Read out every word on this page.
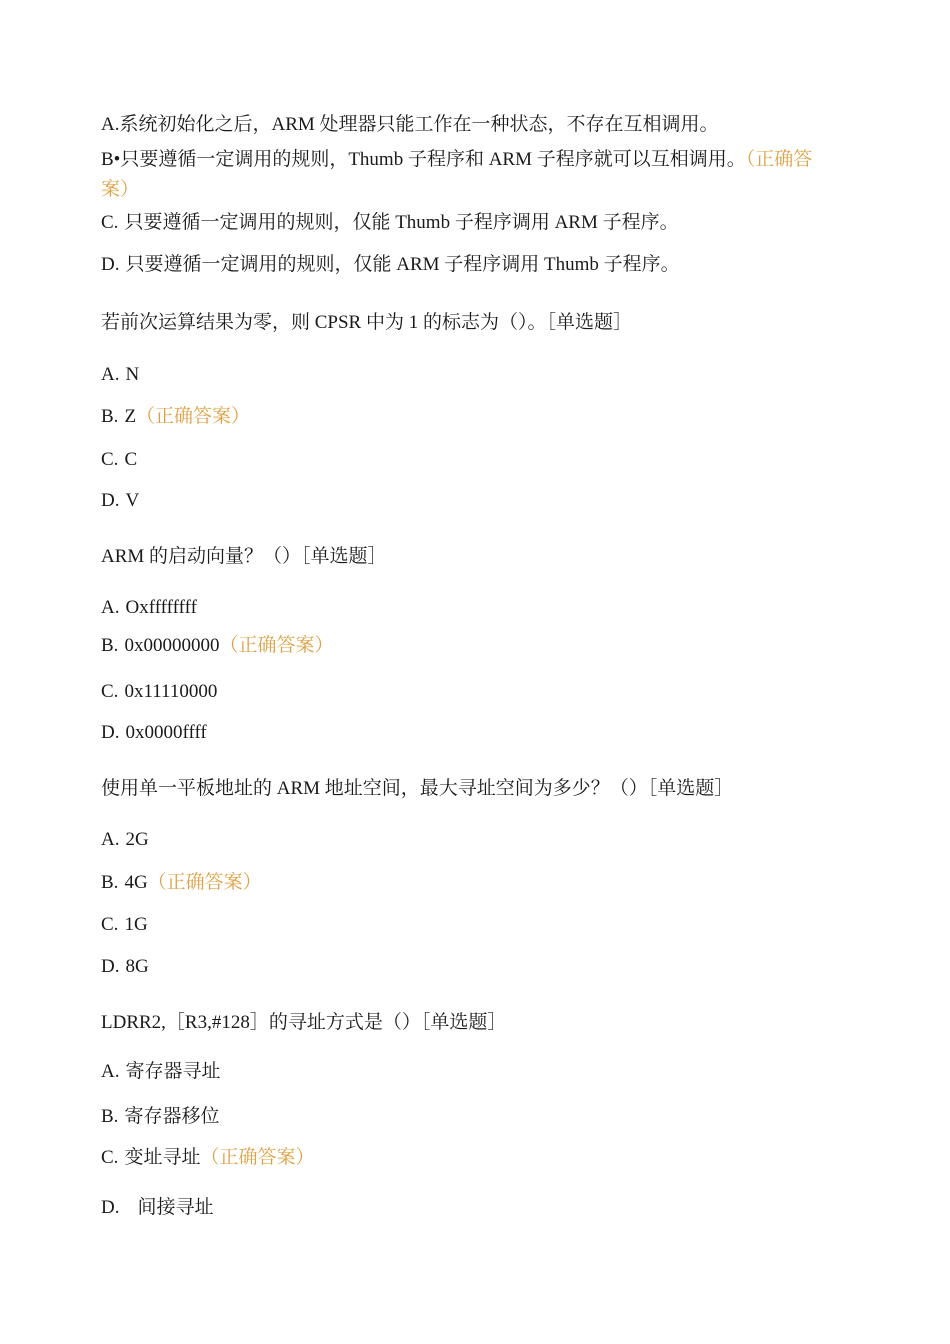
A.系统初始化之后，ARM 处理器只能工作在一种状态，不存在互相调用。
B•只要遵循一定调用的规则，Thumb 子程序和 ARM 子程序就可以互相调用。（正确答案）
C. 只要遵循一定调用的规则，仅能 Thumb 子程序调用 ARM 子程序。
D. 只要遵循一定调用的规则，仅能 ARM 子程序调用 Thumb 子程序。
若前次运算结果为零，则 CPSR 中为 1 的标志为（）。［单选题］
A. N
B. Z（正确答案）
C. C
D. V
ARM 的启动向量？（）［单选题］
A. Oxffffffff
B. 0x00000000（正确答案）
C. 0x11110000
D. 0x0000ffff
使用单一平板地址的 ARM 地址空间，最大寻址空间为多少？（）［单选题］
A. 2G
B. 4G（正确答案）
C. 1G
D. 8G
LDRR2,［R3,#128］的寻址方式是（）［单选题］
A. 寄存器寻址
B. 寄存器移位
C. 变址寻址（正确答案）
D. 间接寻址
